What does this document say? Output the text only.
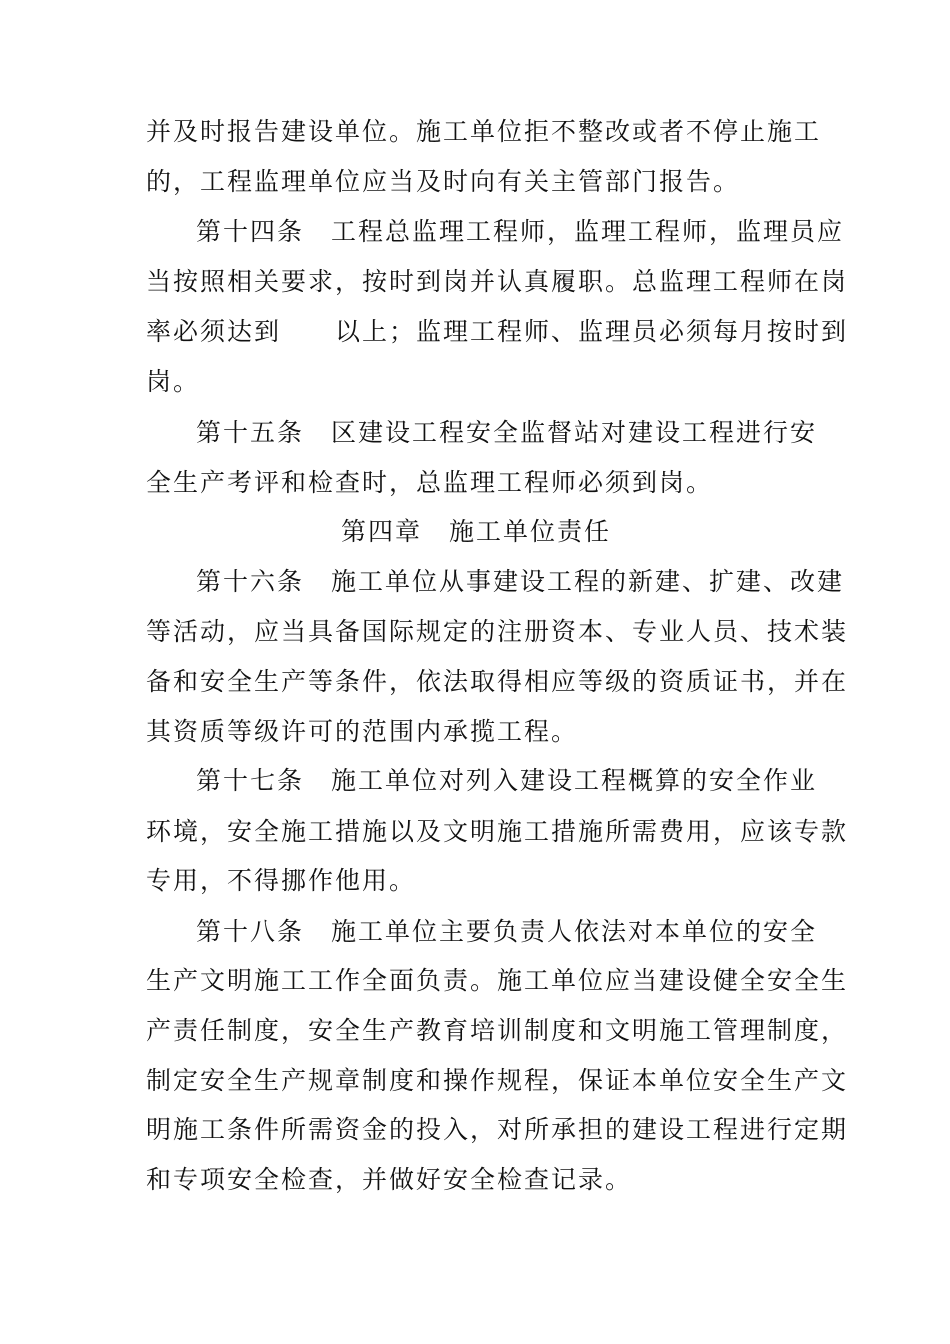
并及时报告建设单位。施工单位拒不整改或者不停止施工
的，工程监理单位应当及时向有关主管部门报告。
第十四条　工程总监理工程师，监理工程师，监理员应
当按照相关要求，按时到岗并认真履职。总监理工程师在岗
率必须达到　　以上；监理工程师、监理员必须每月按时到
岗。
第十五条　区建设工程安全监督站对建设工程进行安
全生产考评和检查时，总监理工程师必须到岗。
第四章　施工单位责任
第十六条　施工单位从事建设工程的新建、扩建、改建
等活动，应当具备国际规定的注册资本、专业人员、技术装
备和安全生产等条件，依法取得相应等级的资质证书，并在
其资质等级许可的范围内承揽工程。
第十七条　施工单位对列入建设工程概算的安全作业
环境，安全施工措施以及文明施工措施所需费用，应该专款
专用，不得挪作他用。
第十八条　施工单位主要负责人依法对本单位的安全
生产文明施工工作全面负责。施工单位应当建设健全安全生
产责任制度，安全生产教育培训制度和文明施工管理制度，
制定安全生产规章制度和操作规程，保证本单位安全生产文
明施工条件所需资金的投入，对所承担的建设工程进行定期
和专项安全检查，并做好安全检查记录。
